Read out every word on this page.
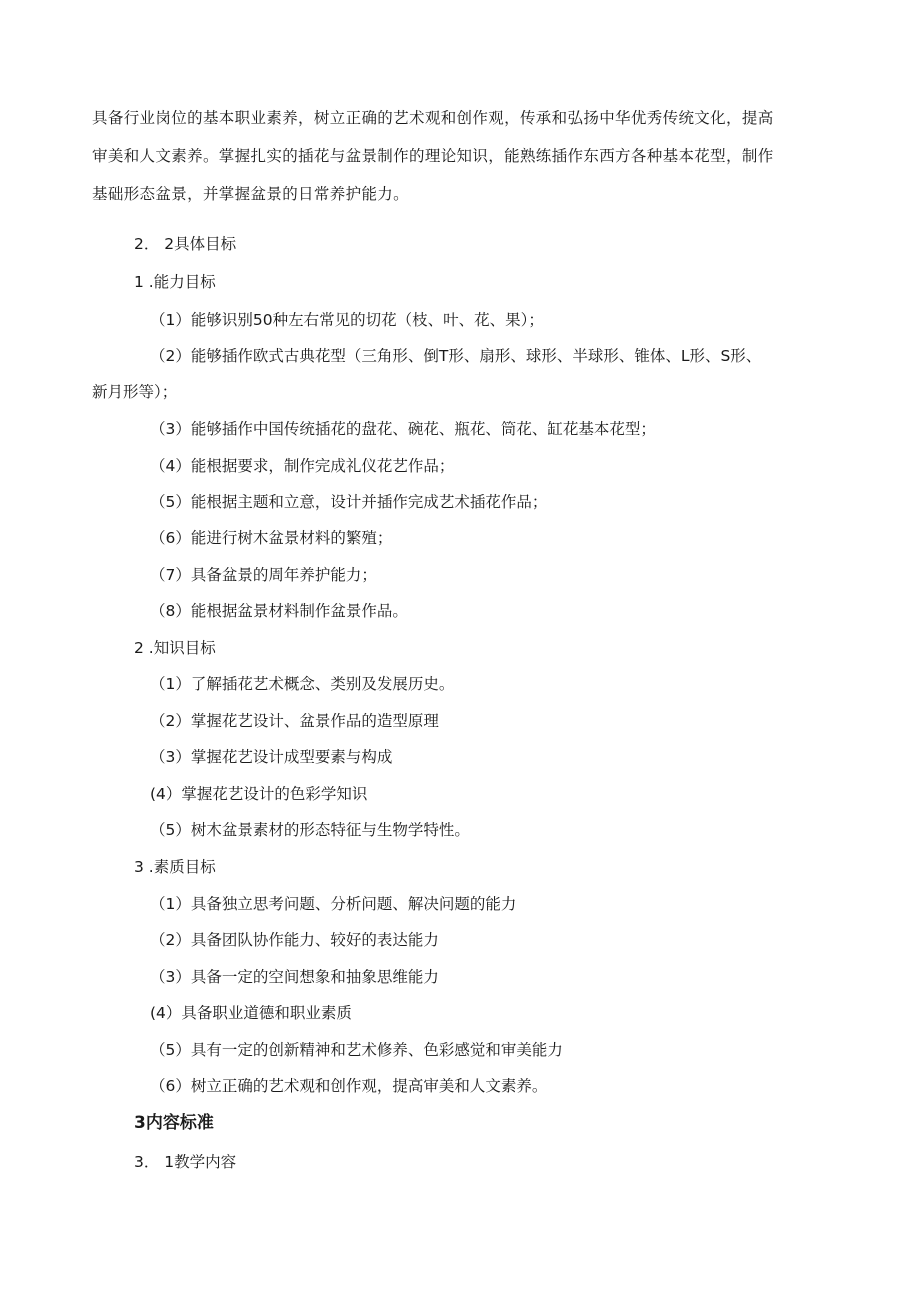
具备行业岗位的基本职业素养，树立正确的艺术观和创作观，传承和弘扬中华优秀传统文化，提高
审美和人文素养。掌握扎实的插花与盆景制作的理论知识，能熟练插作东西方各种基本花型，制作
基础形态盆景，并掌握盆景的日常养护能力。
2． 2具体目标
1 .能力目标
（1）能够识别50种左右常见的切花（枝、叶、花、果）；
（2）能够插作欧式古典花型（三角形、倒T形、扇形、球形、半球形、锥体、L形、S形、
新月形等）；
（3）能够插作中国传统插花的盘花、碗花、瓶花、筒花、缸花基本花型；
（4）能根据要求，制作完成礼仪花艺作品；
（5）能根据主题和立意，设计并插作完成艺术插花作品；
（6）能进行树木盆景材料的繁殖；
（7）具备盆景的周年养护能力；
（8）能根据盆景材料制作盆景作品。
2 .知识目标
（1）了解插花艺术概念、类别及发展历史。
（2）掌握花艺设计、盆景作品的造型原理
（3）掌握花艺设计成型要素与构成
(4）掌握花艺设计的色彩学知识
（5）树木盆景素材的形态特征与生物学特性。
3 .素质目标
（1）具备独立思考问题、分析问题、解决问题的能力
（2）具备团队协作能力、较好的表达能力
（3）具备一定的空间想象和抽象思维能力
(4）具备职业道德和职业素质
（5）具有一定的创新精神和艺术修养、色彩感觉和审美能力
（6）树立正确的艺术观和创作观，提高审美和人文素养。
3内容标准
3． 1教学内容
